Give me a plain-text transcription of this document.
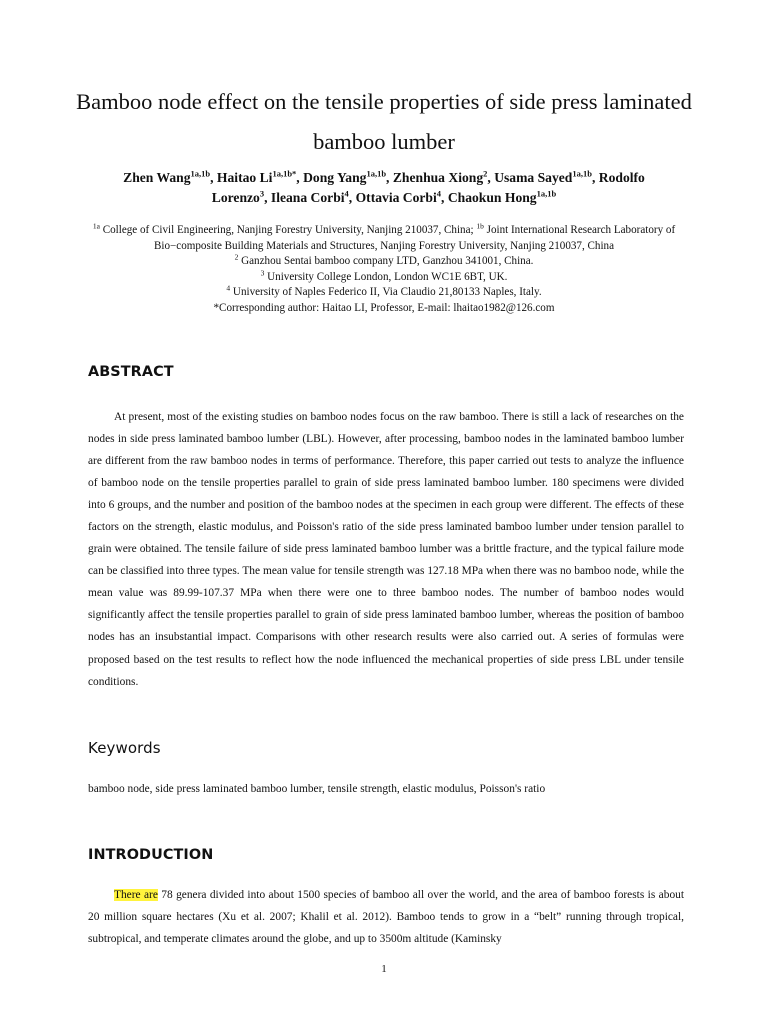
Bamboo node effect on the tensile properties of side press laminated bamboo lumber
Zhen Wang$^{1a,1b}$, Haitao $Li^{1a,1b*}$, Dong Yang$^{1a,1b}$, Zhenhua Xiong$^2$, Usama Sayed$^{1a,1b}$, Rodolfo Lorenzo$^3$, Ileana Corbi$^4$, Ottavia Corbi$^4$, Chaokun Hong$^{1a,1b}$
$^{1a}$ College of Civil Engineering, Nanjing Forestry University, Nanjing 210037, China; $^{1b}$ Joint International Research Laboratory of Bio−composite Building Materials and Structures, Nanjing Forestry University, Nanjing 210037, China
$^2$ Ganzhou Sentai bamboo company LTD, Ganzhou 341001, China.
$^3$ University College London, London WC1E 6BT, UK.
$^4$ University of Naples Federico II, Via Claudio 21,80133 Naples, Italy.
*Corresponding author: Haitao LI, Professor, E-mail: lhaitao1982@126.com
ABSTRACT
At present, most of the existing studies on bamboo nodes focus on the raw bamboo. There is still a lack of researches on the nodes in side press laminated bamboo lumber (LBL). However, after processing, bamboo nodes in the laminated bamboo lumber are different from the raw bamboo nodes in terms of performance. Therefore, this paper carried out tests to analyze the influence of bamboo node on the tensile properties parallel to grain of side press laminated bamboo lumber. 180 specimens were divided into 6 groups, and the number and position of the bamboo nodes at the specimen in each group were different. The effects of these factors on the strength, elastic modulus, and Poisson's ratio of the side press laminated bamboo lumber under tension parallel to grain were obtained. The tensile failure of side press laminated bamboo lumber was a brittle fracture, and the typical failure mode can be classified into three types. The mean value for tensile strength was 127.18 MPa when there was no bamboo node, while the mean value was 89.99-107.37 MPa when there were one to three bamboo nodes. The number of bamboo nodes would significantly affect the tensile properties parallel to grain of side press laminated bamboo lumber, whereas the position of bamboo nodes has an insubstantial impact. Comparisons with other research results were also carried out. A series of formulas were proposed based on the test results to reflect how the node influenced the mechanical properties of side press LBL under tensile conditions.
Keywords
bamboo node, side press laminated bamboo lumber, tensile strength, elastic modulus, Poisson's ratio
INTRODUCTION
There are 78 genera divided into about 1500 species of bamboo all over the world, and the area of bamboo forests is about 20 million square hectares (Xu et al. 2007; Khalil et al. 2012). Bamboo tends to grow in a “belt” running through tropical, subtropical, and temperate climates around the globe, and up to 3500m altitude (Kaminsky
1
